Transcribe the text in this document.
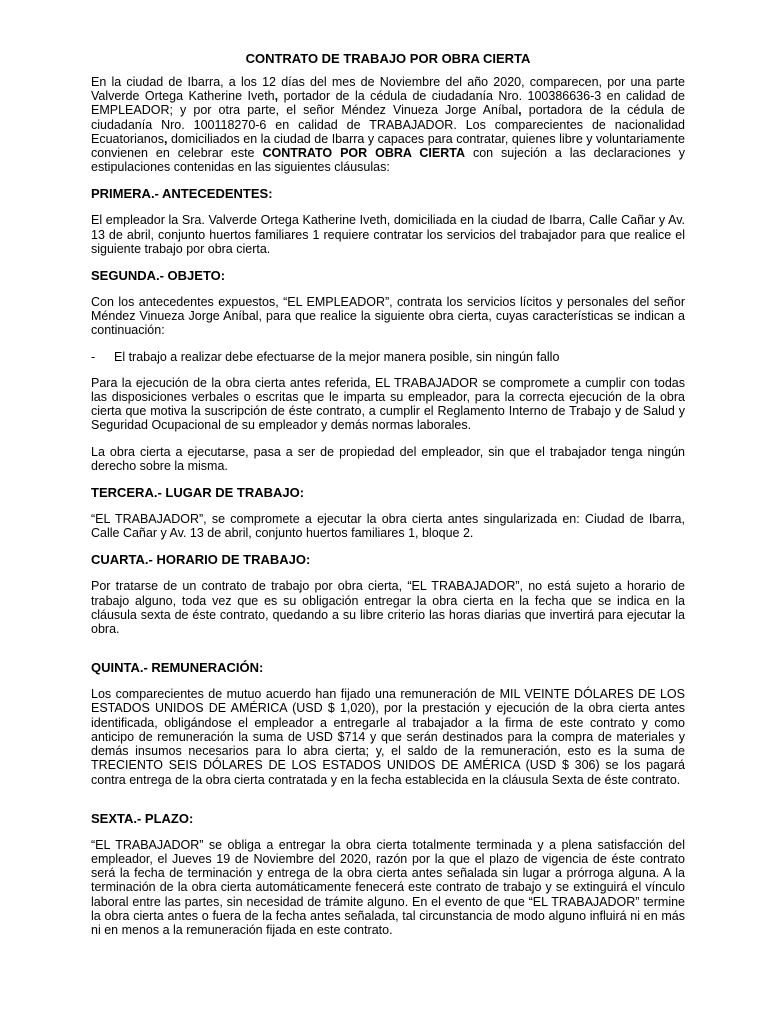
CONTRATO DE TRABAJO POR OBRA CIERTA

En la ciudad de Ibarra, a los 12 días del mes de Noviembre del año 2020, comparecen, por una parte Valverde Ortega Katherine Iveth, portador de la cédula de ciudadanía Nro. 100386636-3 en calidad de EMPLEADOR; y por otra parte, el señor Méndez Vinueza Jorge Aníbal, portadora de la cédula de ciudadanía Nro. 100118270-6 en calidad de TRABAJADOR. Los comparecientes de nacionalidad Ecuatorianos, domiciliados en la ciudad de Ibarra y capaces para contratar, quienes libre y voluntariamente convienen en celebrar este CONTRATO POR OBRA CIERTA con sujeción a las declaraciones y estipulaciones contenidas en las siguientes cláusulas:

PRIMERA.- ANTECEDENTES:

El empleador la Sra. Valverde Ortega Katherine Iveth, domiciliada en la ciudad de Ibarra, Calle Cañar y Av. 13 de abril, conjunto huertos familiares 1 requiere contratar los servicios del trabajador para que realice el siguiente trabajo por obra cierta.

SEGUNDA.- OBJETO:

Con los antecedentes expuestos, “EL EMPLEADOR”, contrata los servicios lícitos y personales del señor Méndez Vinueza Jorge Aníbal, para que realice la siguiente obra cierta, cuyas características se indican a continuación:

-	El trabajo a realizar debe efectuarse de la mejor manera posible, sin ningún fallo

Para la ejecución de la obra cierta antes referida, EL TRABAJADOR se compromete a cumplir con todas las disposiciones verbales o escritas que le imparta su empleador, para la correcta ejecución de la obra cierta que motiva la suscripción de éste contrato, a cumplir el Reglamento Interno de Trabajo y de Salud y Seguridad Ocupacional de su empleador y demás normas laborales.

La obra cierta a ejecutarse, pasa a ser de propiedad del empleador, sin que el trabajador tenga ningún derecho sobre la misma.

TERCERA.- LUGAR DE TRABAJO:

“EL TRABAJADOR”, se compromete a ejecutar la obra cierta antes singularizada en: Ciudad de Ibarra, Calle Cañar y Av. 13 de abril, conjunto huertos familiares 1, bloque 2.

CUARTA.- HORARIO DE TRABAJO:

Por tratarse de un contrato de trabajo por obra cierta, “EL TRABAJADOR”, no está sujeto a horario de trabajo alguno, toda vez que es su obligación entregar la obra cierta en la fecha que se indica en la cláusula sexta de éste contrato, quedando a su libre criterio las horas diarias que invertirá para ejecutar la obra.

QUINTA.- REMUNERACIÓN:

Los comparecientes de mutuo acuerdo han fijado una remuneración de MIL VEINTE DÓLARES DE LOS ESTADOS UNIDOS DE AMÉRICA (USD $ 1,020), por la prestación y ejecución de la obra cierta antes identificada, obligándose el empleador a entregarle al trabajador a la firma de este contrato y como anticipo de remuneración la suma de USD $714 y que serán destinados para la compra de materiales y demás insumos necesarios para lo abra cierta; y, el saldo de la remuneración, esto es la suma de TRECIENTO SEIS DÓLARES DE LOS ESTADOS UNIDOS DE AMÉRICA (USD $ 306) se los pagará contra entrega de la obra cierta contratada y en la fecha establecida en la cláusula Sexta de éste contrato.

SEXTA.- PLAZO:

“EL TRABAJADOR” se obliga a entregar la obra cierta totalmente terminada y a plena satisfacción del empleador, el Jueves 19 de Noviembre del 2020, razón por la que el plazo de vigencia de éste contrato será la fecha de terminación y entrega de la obra cierta antes señalada sin lugar a prórroga alguna. A la terminación de la obra cierta automáticamente fenecerá este contrato de trabajo y se extinguirá el vínculo laboral entre las partes, sin necesidad de trámite alguno. En el evento de que “EL TRABAJADOR” termine la obra cierta antes o fuera de la fecha antes señalada, tal circunstancia de modo alguno influirá ni en más ni en menos a la remuneración fijada en este contrato.
